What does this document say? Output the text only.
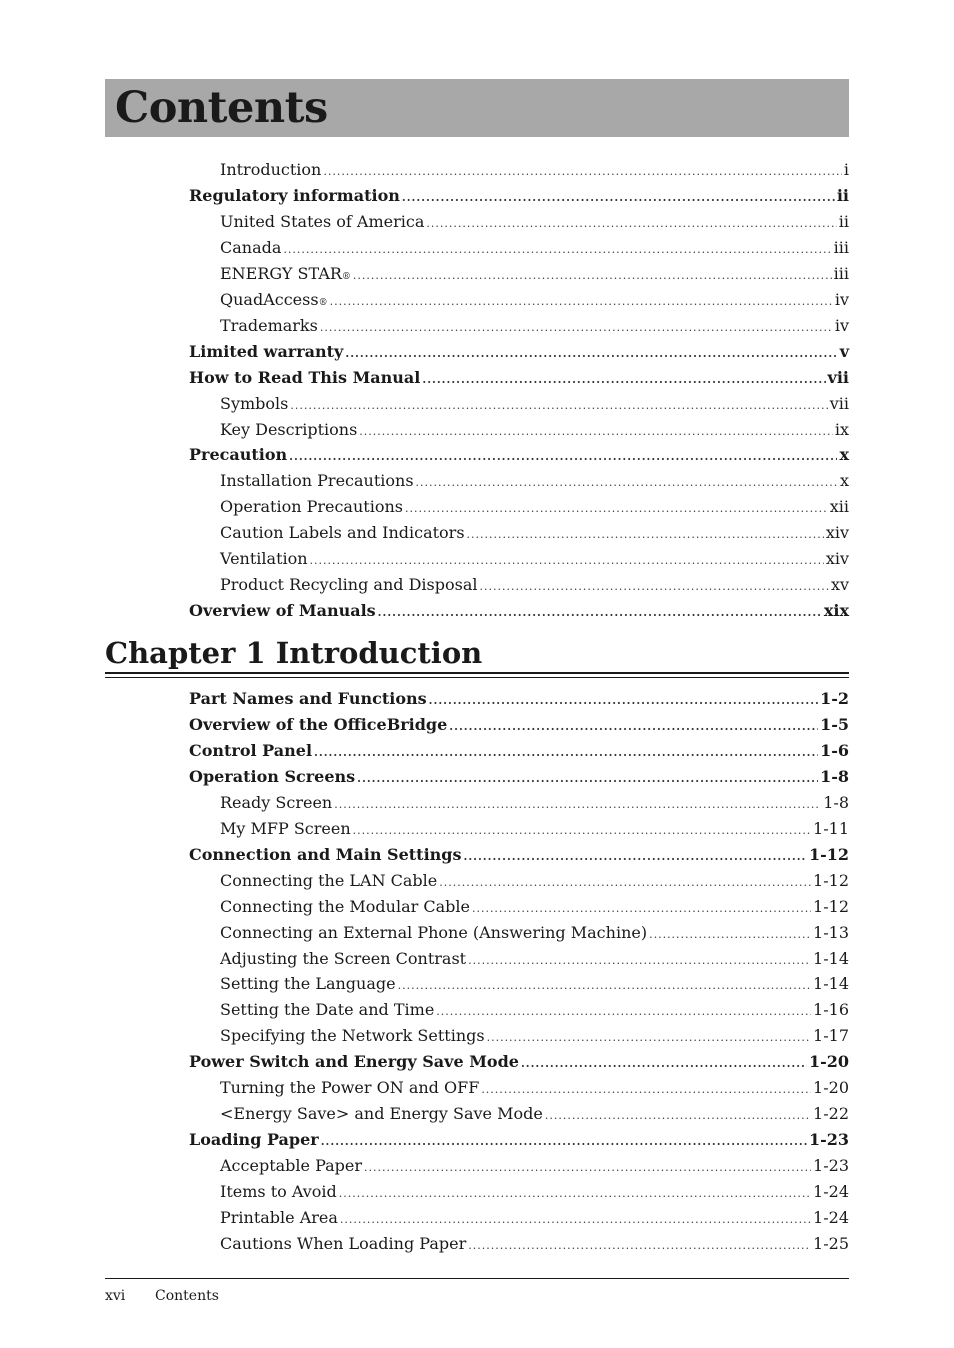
Contents
Introduction .....	i
Regulatory information .....	ii
United States of America .....	ii
Canada .....	iii
ENERGY STAR ® .....	iii
QuadAccess ® .....	iv
Trademarks .....	iv
Limited warranty .....	v
How to Read This Manual .....	vii
Symbols .....	vii
Key Descriptions .....	ix
Precaution .....	x
Installation Precautions .....	x
Operation Precautions .....	xii
Caution Labels and Indicators .....	xiv
Ventilation .....	xiv
Product Recycling and Disposal .....	xv
Overview of Manuals .....	xix
Chapter 1 Introduction
Part Names and Functions .....	1-2
Overview of the OfficeBridge .....	1-5
Control Panel .....	1-6
Operation Screens .....	1-8
Ready Screen .....	1-8
My MFP Screen .....	1-11
Connection and Main Settings .....	1-12
Connecting the LAN Cable .....	1-12
Connecting the Modular Cable .....	1-12
Connecting an External Phone (Answering Machine) .....	1-13
Adjusting the Screen Contrast .....	1-14
Setting the Language .....	1-14
Setting the Date and Time .....	1-16
Specifying the Network Settings .....	1-17
Power Switch and Energy Save Mode .....	1-20
Turning the Power ON and OFF .....	1-20
<Energy Save> and Energy Save Mode .....	1-22
Loading Paper .....	1-23
Acceptable Paper .....	1-23
Items to Avoid .....	1-24
Printable Area .....	1-24
Cautions When Loading Paper .....	1-25
xvi Contents
